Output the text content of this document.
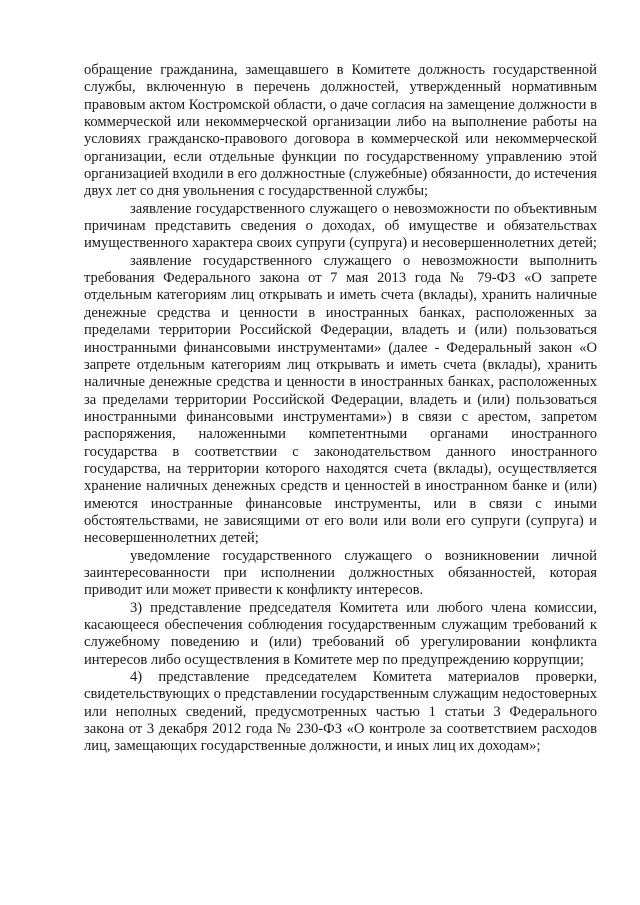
обращение гражданина, замещавшего в Комитете должность государственной службы, включенную в перечень должностей, утвержденный нормативным правовым актом Костромской области, о даче согласия на замещение должности в коммерческой или некоммерческой организации либо на выполнение работы на условиях гражданско-правового договора в коммерческой или некоммерческой организации, если отдельные функции по государственному управлению этой организацией входили в его должностные (служебные) обязанности, до истечения двух лет со дня увольнения с государственной службы;

заявление государственного служащего о невозможности по объективным причинам представить сведения о доходах, об имуществе и обязательствах имущественного характера своих супруги (супруга) и несовершеннолетних детей;

заявление государственного служащего о невозможности выполнить требования Федерального закона от 7 мая 2013 года № 79-ФЗ «О запрете отдельным категориям лиц открывать и иметь счета (вклады), хранить наличные денежные средства и ценности в иностранных банках, расположенных за пределами территории Российской Федерации, владеть и (или) пользоваться иностранными финансовыми инструментами» (далее - Федеральный закон «О запрете отдельным категориям лиц открывать и иметь счета (вклады), хранить наличные денежные средства и ценности в иностранных банках, расположенных за пределами территории Российской Федерации, владеть и (или) пользоваться иностранными финансовыми инструментами») в связи с арестом, запретом распоряжения, наложенными компетентными органами иностранного государства в соответствии с законодательством данного иностранного государства, на территории которого находятся счета (вклады), осуществляется хранение наличных денежных средств и ценностей в иностранном банке и (или) имеются иностранные финансовые инструменты, или в связи с иными обстоятельствами, не зависящими от его воли или воли его супруги (супруга) и несовершеннолетних детей;

уведомление государственного служащего о возникновении личной заинтересованности при исполнении должностных обязанностей, которая приводит или может привести к конфликту интересов.

3) представление председателя Комитета или любого члена комиссии, касающееся обеспечения соблюдения государственным служащим требований к служебному поведению и (или) требований об урегулировании конфликта интересов либо осуществления в Комитете мер по предупреждению коррупции;

4) представление председателем Комитета материалов проверки, свидетельствующих о представлении государственным служащим недостоверных или неполных сведений, предусмотренных частью 1 статьи 3 Федерального закона от 3 декабря 2012 года № 230-ФЗ «О контроле за соответствием расходов лиц, замещающих государственные должности, и иных лиц их доходам»;
